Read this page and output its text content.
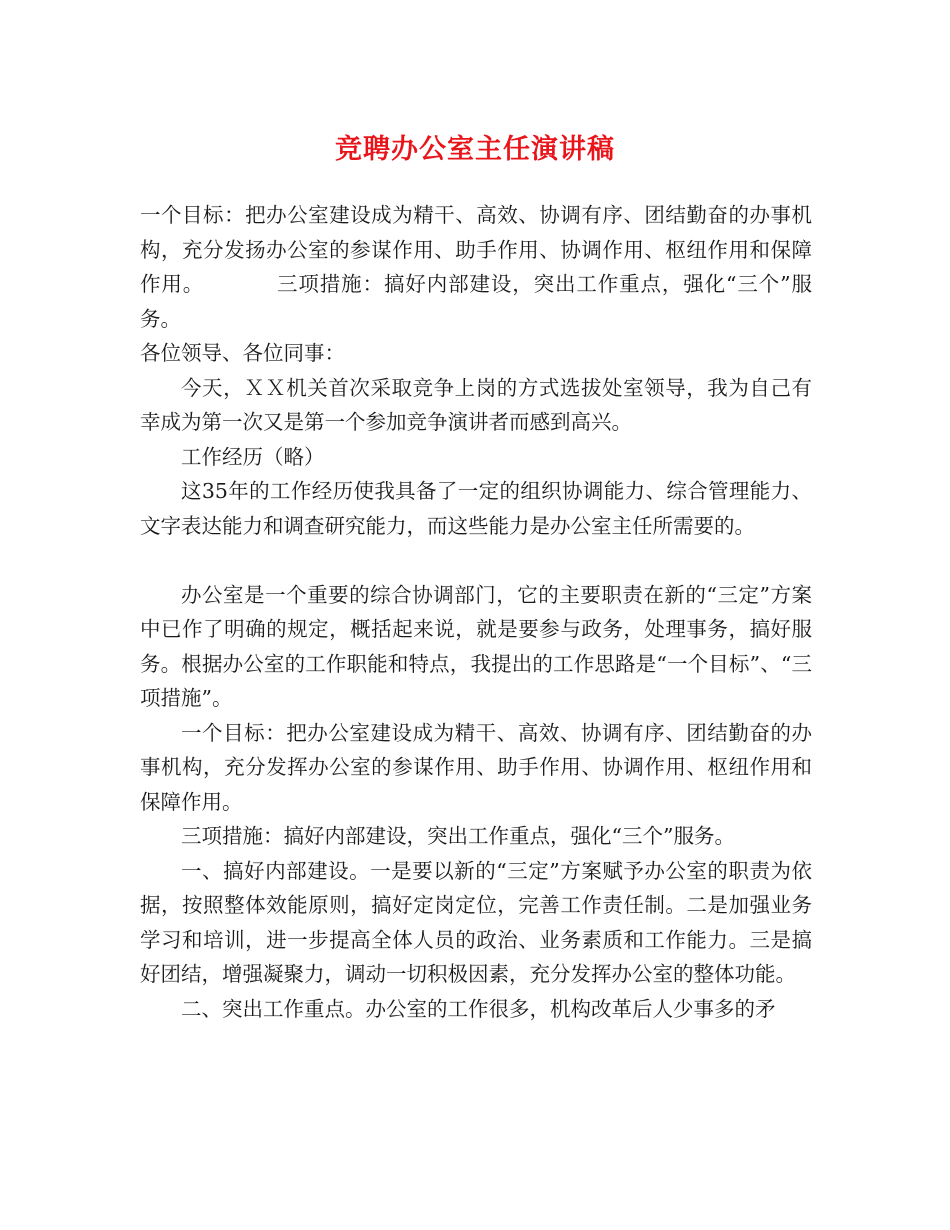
竞聘办公室主任演讲稿

一个目标：把办公室建设成为精干、高效、协调有序、团结勤奋的办事机构，充分发扬办公室的参谋作用、助手作用、协调作用、枢纽作用和保障作用。	三项措施：搞好内部建设，突出工作重点，强化“三个”服务。

各位领导、各位同事：

今天，ＸＸ机关首次采取竞争上岗的方式选拔处室领导，我为自己有幸成为第一次又是第一个参加竞争演讲者而感到高兴。

工作经历（略）

这35年的工作经历使我具备了一定的组织协调能力、综合管理能力、文字表达能力和调查研究能力，而这些能力是办公室主任所需要的。

办公室是一个重要的综合协调部门，它的主要职责在新的“三定”方案中已作了明确的规定，概括起来说，就是要参与政务，处理事务，搞好服务。根据办公室的工作职能和特点，我提出的工作思路是“一个目标”、“三项措施”。

一个目标：把办公室建设成为精干、高效、协调有序、团结勤奋的办事机构，充分发挥办公室的参谋作用、助手作用、协调作用、枢纽作用和保障作用。

三项措施：搞好内部建设，突出工作重点，强化“三个”服务。

一、搞好内部建设。一是要以新的“三定”方案赋予办公室的职责为依据，按照整体效能原则，搞好定岗定位，完善工作责任制。二是加强业务学习和培训，进一步提高全体人员的政治、业务素质和工作能力。三是搞好团结，增强凝聚力，调动一切积极因素，充分发挥办公室的整体功能。

二、突出工作重点。办公室的工作很多，机构改革后人少事多的矛
